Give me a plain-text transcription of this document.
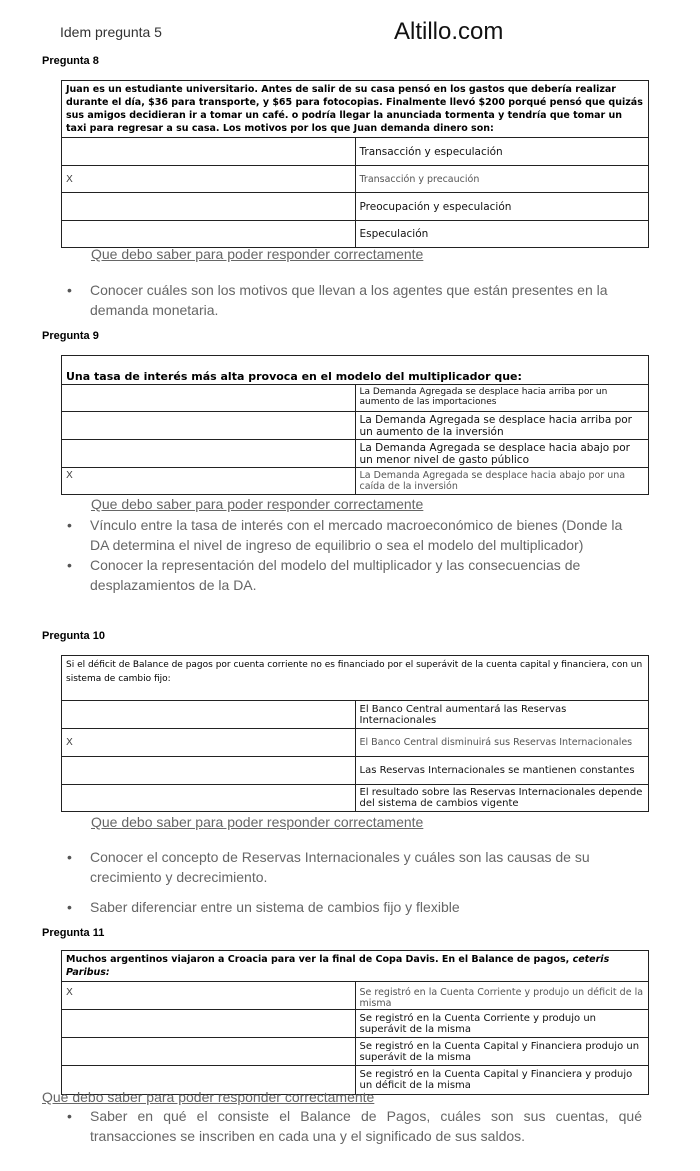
Idem pregunta 5	Altillo.com
Pregunta 8
Juan es un estudiante universitario. Antes de salir de su casa pensó en los gastos que debería realizar durante el día, $36 para transporte, y $65 para fotocopias. Finalmente llevó $200 porqué pensó que quizás sus amigos decidieran ir a tomar un café. o podría llegar la anunciada tormenta y tendría que tomar un taxi para regresar a su casa. Los motivos por los que Juan demanda dinero son:	
	Transacción y especulación
X	Transacción y precaución
	Preocupación y especulación
	Especulación
Que debo saber para poder responder correctamente
• Conocer cuáles son los motivos que llevan a los agentes que están presentes en la demanda monetaria.
Pregunta 9
Una tasa de interés más alta provoca en el modelo del multiplicador que:	
	La Demanda Agregada se desplace hacia arriba por un aumento de las importaciones
	La Demanda Agregada se desplace hacia arriba por un aumento de la inversión
	La Demanda Agregada se desplace hacia abajo por un menor nivel de gasto público
X	La Demanda Agregada se desplace hacia abajo por una caída de la inversión
Que debo saber para poder responder correctamente
• Vínculo entre la tasa de interés con el mercado macroeconómico de bienes (Donde la DA determina el nivel de ingreso de equilibrio o sea el modelo del multiplicador)
• Conocer la representación del modelo del multiplicador y las consecuencias de desplazamientos de la DA.
Pregunta 10
Si el déficit de Balance de pagos por cuenta corriente no es financiado por el superávit de la cuenta capital y financiera, con un sistema de cambio fijo:	
	El Banco Central aumentará las Reservas Internacionales
X	El Banco Central disminuirá sus Reservas Internacionales
	Las Reservas Internacionales se mantienen constantes
	El resultado sobre las Reservas Internacionales depende del sistema de cambios vigente
Que debo saber para poder responder correctamente
• Conocer el concepto de Reservas Internacionales y cuáles son las causas de su crecimiento y decrecimiento.
• Saber diferenciar entre un sistema de cambios fijo y flexible
Pregunta 11
Muchos argentinos viajaron a Croacia para ver la final de Copa Davis. En el Balance de pagos, ceteris Paribus:	
X	Se registró en la Cuenta Corriente y produjo un déficit de la misma
	Se registró en la Cuenta Corriente y produjo un superávit de la misma
	Se registró en la Cuenta Capital y Financiera produjo un superávit de la misma
	Se registró en la Cuenta Capital y Financiera y produjo un déficit de la misma
Que debo saber para poder responder correctamente
• Saber en qué el consiste el Balance de Pagos, cuáles son sus cuentas, qué transacciones se inscriben en cada una y el significado de sus saldos.
